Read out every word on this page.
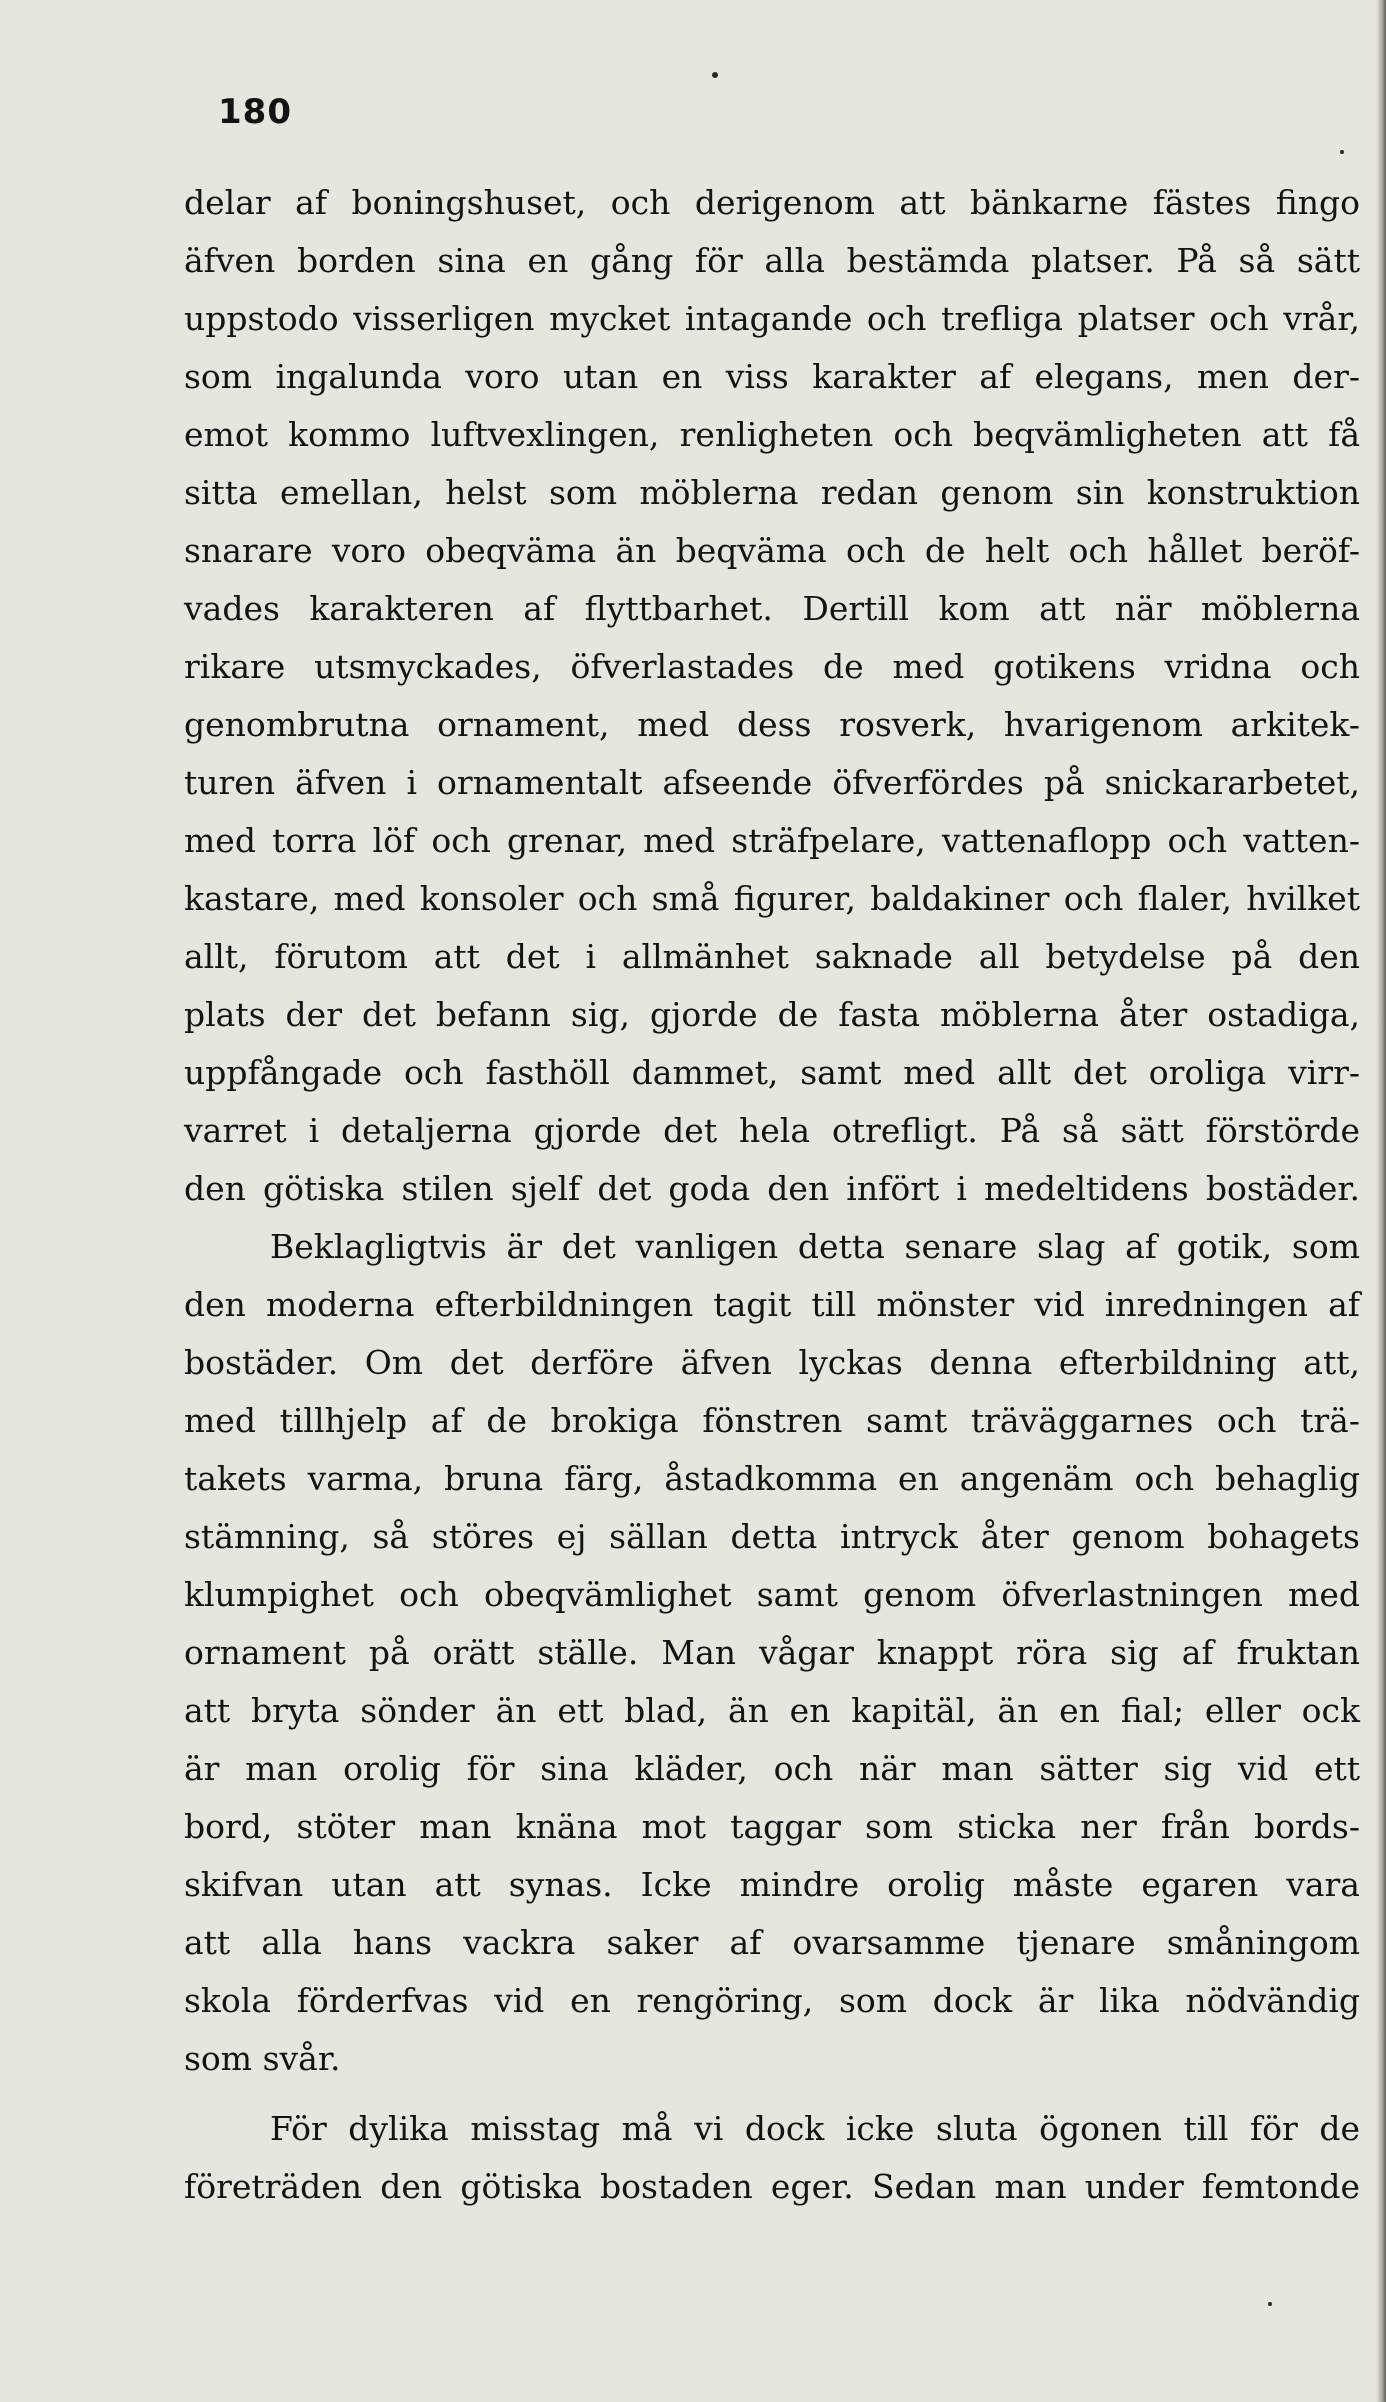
180
delar af boningshuset, och derigenom att bänkarne fästes fingo
äfven borden sina en gång för alla bestämda platser. På så sätt
uppstodo visserligen mycket intagande och trefliga platser och vrår,
som ingalunda voro utan en viss karakter af elegans, men der-
emot kommo luftvexlingen, renligheten och beqvämligheten att få
sitta emellan, helst som möblerna redan genom sin konstruktion
snarare voro obeqväma än beqväma och de helt och hållet beröf-
vades karakteren af flyttbarhet. Dertill kom att när möblerna
rikare utsmyckades, öfverlastades de med gotikens vridna och
genombrutna ornament, med dess rosverk, hvarigenom arkitek-
turen äfven i ornamentalt afseende öfverfördes på snickararbetet,
med torra löf och grenar, med sträfpelare, vattenaflopp och vatten-
kastare, med konsoler och små figurer, baldakiner och flaler, hvilket
allt, förutom att det i allmänhet saknade all betydelse på den
plats der det befann sig, gjorde de fasta möblerna åter ostadiga,
uppfångade och fasthöll dammet, samt med allt det oroliga virr-
varret i detaljerna gjorde det hela otrefligt. På så sätt förstörde
den götiska stilen sjelf det goda den infört i medeltidens bostäder.
Beklagligtvis är det vanligen detta senare slag af gotik, som
den moderna efterbildningen tagit till mönster vid inredningen af
bostäder. Om det derföre äfven lyckas denna efterbildning att,
med tillhjelp af de brokiga fönstren samt träväggarnes och trä-
takets varma, bruna färg, åstadkomma en angenäm och behaglig
stämning, så störes ej sällan detta intryck åter genom bohagets
klumpighet och obeqvämlighet samt genom öfverlastningen med
ornament på orätt ställe. Man vågar knappt röra sig af fruktan
att bryta sönder än ett blad, än en kapitäl, än en fial; eller ock
är man orolig för sina kläder, och när man sätter sig vid ett
bord, stöter man knäna mot taggar som sticka ner från bords-
skifvan utan att synas. Icke mindre orolig måste egaren vara
att alla hans vackra saker af ovarsamme tjenare småningom
skola förderfvas vid en rengöring, som dock är lika nödvändig
som svår.
För dylika misstag må vi dock icke sluta ögonen till för de
företräden den götiska bostaden eger. Sedan man under femtonde
